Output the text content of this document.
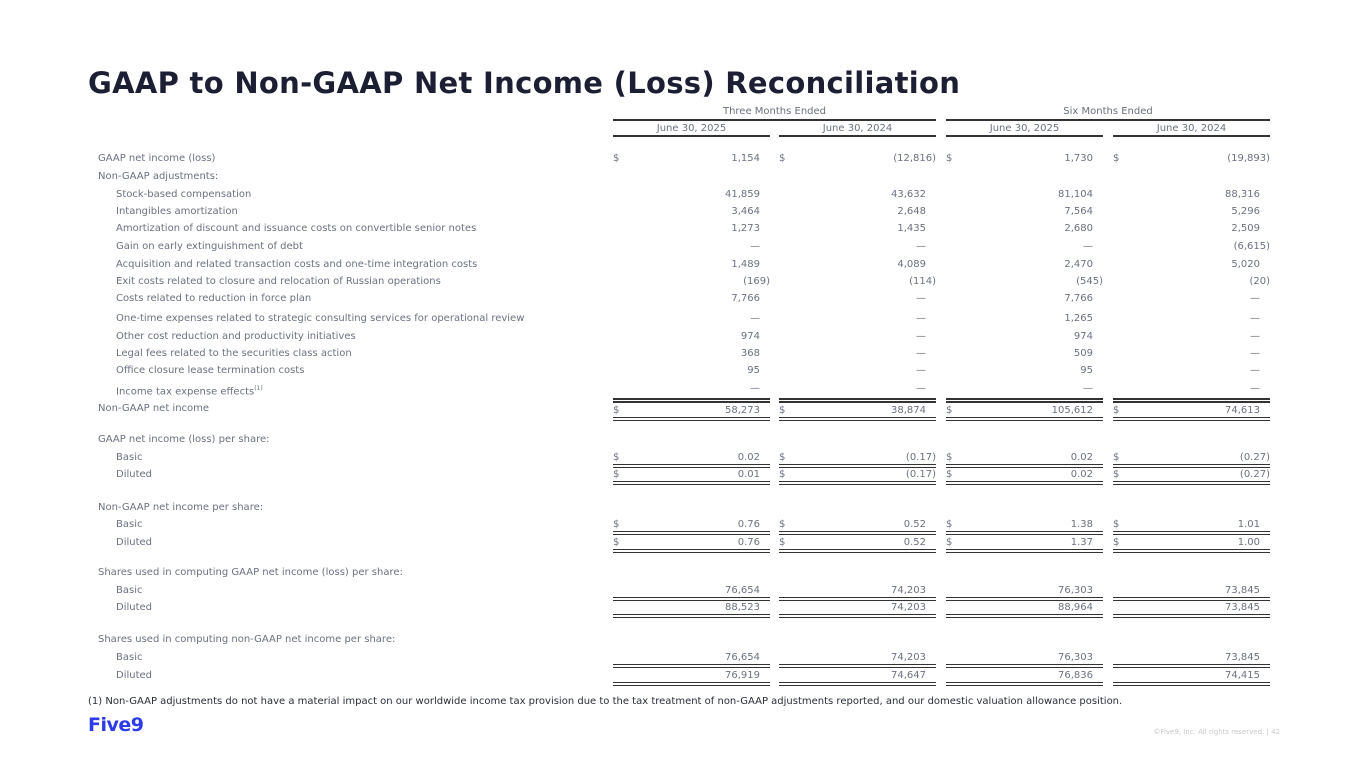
GAAP to Non-GAAP Net Income (Loss) Reconciliation
Three Months Ended	Six Months Ended
June 30, 2025	June 30, 2024	June 30, 2025	June 30, 2024
GAAP net income (loss)	$	1,154 $	(12,816) $	1,730 $	(19,893)
Non-GAAP adjustments:
Stock-based compensation	41,859	43,632	81,104	88,316
Intangibles amortization	3,464	2,648	7,564	5,296
Amortization of discount and issuance costs on convertible senior notes	1,273	1,435	2,680	2,509
Gain on early extinguishment of debt	—	—	—	(6,615)
Acquisition and related transaction costs and one-time integration costs	1,489	4,089	2,470	5,020
Exit costs related to closure and relocation of Russian operations	(169)	(114)	(545)	(20)
Costs related to reduction in force plan	7,766	—	7,766	—
One-time expenses related to strategic consulting services for operational review	—	—	1,265	—
Other cost reduction and productivity initiatives	974	—	974	—
Legal fees related to the securities class action	368	—	509	—
Office closure lease termination costs	95	—	95	—
Income tax expense effects$^{(1)}$	—	—	—	—
Non-GAAP net income	$	58,273 $	38,874 $	105,612 $	74,613
GAAP net income (loss) per share:
Basic	$	0.02 $	(0.17) $	0.02 $	(0.27)
Diluted	$	0.01 $	(0.17) $	0.02 $	(0.27)
Non-GAAP net income per share:
Basic	$	0.76 $	0.52 $	1.38 $	1.01
Diluted	$	0.76 $	0.52 $	1.37 $	1.00
Shares used in computing GAAP net income (loss) per share:
Basic	76,654	74,203	76,303	73,845
Diluted	88,523	74,203	88,964	73,845
Shares used in computing non-GAAP net income per share:
Basic	76,654	74,203	76,303	73,845
Diluted	76,919	74,647	76,836	74,415
(1) Non-GAAP adjustments do not have a material impact on our worldwide income tax provision due to the tax treatment of non-GAAP adjustments reported, and our domestic valuation allowance position.
Five9	©Five9, Inc. All rights reserved. | 42
